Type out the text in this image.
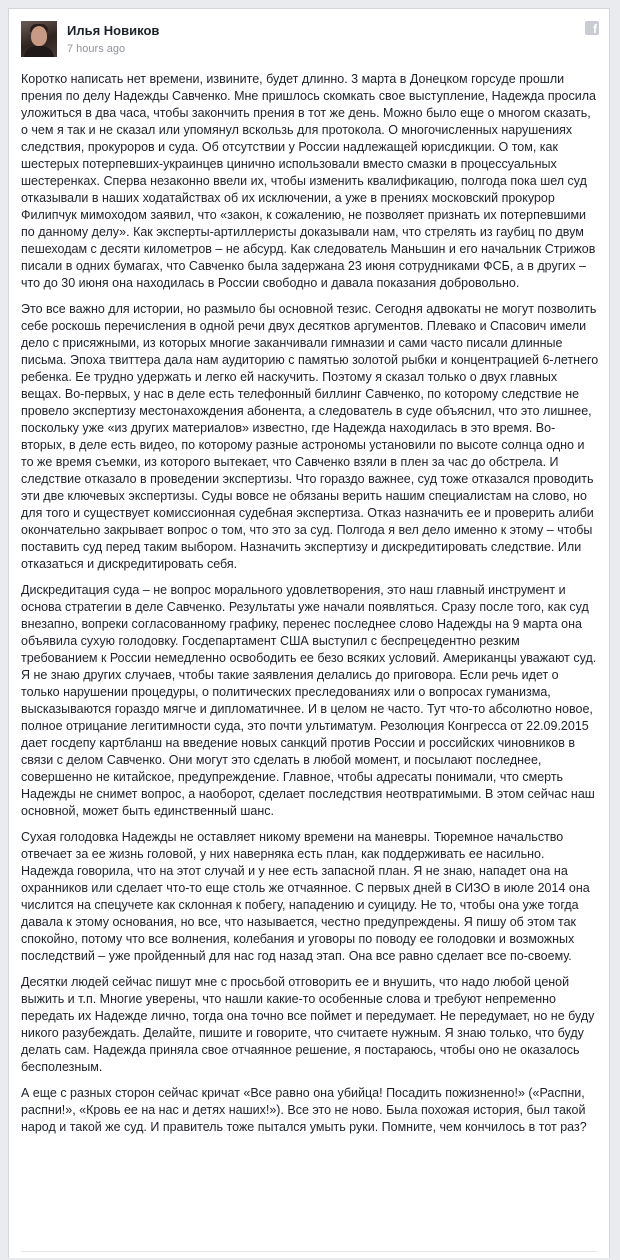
Илья Новиков
7 hours ago
f

Коротко написать нет времени, извините, будет длинно. 3 марта в Донецком горсуде прошли прения по делу Надежды Савченко. Мне пришлось скомкать свое выступление, Надежда просила уложиться в два часа, чтобы закончить прения в тот же день. Можно было еще о многом сказать, о чем я так и не сказал или упомянул вскользь для протокола. О многочисленных нарушениях следствия, прокуроров и суда. Об отсутствии у России надлежащей юрисдикции. О том, как шестерых потерпевших-украинцев цинично использовали вместо смазки в процессуальных шестеренках. Сперва незаконно ввели их, чтобы изменить квалификацию, полгода пока шел суд отказывали в наших ходатайствах об их исключении, а уже в прениях московский прокурор Филипчук мимоходом заявил, что «закон, к сожалению, не позволяет признать их потерпевшими по данному делу». Как эксперты-артиллеристы доказывали нам, что стрелять из гаубиц по двум пешеходам с десяти километров – не абсурд. Как следователь Маньшин и его начальник Стрижов писали в одних бумагах, что Савченко была задержана 23 июня сотрудниками ФСБ, а в других – что до 30 июня она находилась в России свободно и давала показания добровольно.

Это все важно для истории, но размыло бы основной тезис. Сегодня адвокаты не могут позволить себе роскошь перечисления в одной речи двух десятков аргументов. Плевако и Спасович имели дело с присяжными, из которых многие заканчивали гимназии и сами часто писали длинные письма. Эпоха твиттера дала нам аудиторию с памятью золотой рыбки и концентрацией 6-летнего ребенка. Ее трудно удержать и легко ей наскучить. Поэтому я сказал только о двух главных вещах. Во-первых, у нас в деле есть телефонный биллинг Савченко, по которому следствие не провело экспертизу местонахождения абонента, а следователь в суде объяснил, что это лишнее, поскольку уже «из других материалов» известно, где Надежда находилась в это время. Во-вторых, в деле есть видео, по которому разные астрономы установили по высоте солнца одно и то же время съемки, из которого вытекает, что Савченко взяли в плен за час до обстрела. И следствие отказало в проведении экспертизы. Что гораздо важнее, суд тоже отказался проводить эти две ключевых экспертизы. Суды вовсе не обязаны верить нашим специалистам на слово, но для того и существует комиссионная судебная экспертиза. Отказ назначить ее и проверить алиби окончательно закрывает вопрос о том, что это за суд. Полгода я вел дело именно к этому – чтобы поставить суд перед таким выбором. Назначить экспертизу и дискредитировать следствие. Или отказаться и дискредитировать себя.

Дискредитация суда – не вопрос морального удовлетворения, это наш главный инструмент и основа стратегии в деле Савченко. Результаты уже начали появляться. Сразу после того, как суд внезапно, вопреки согласованному графику, перенес последнее слово Надежды на 9 марта она объявила сухую голодовку. Госдепартамент США выступил с беспрецедентно резким требованием к России немедленно освободить ее безо всяких условий. Американцы уважают суд. Я не знаю других случаев, чтобы такие заявления делались до приговора. Если речь идет о только нарушении процедуры, о политических преследованиях или о вопросах гуманизма, высказываются гораздо мягче и дипломатичнее. И в целом не часто. Тут что-то абсолютно новое, полное отрицание легитимности суда, это почти ультиматум. Резолюция Конгресса от 22.09.2015 дает госдепу картбланш на введение новых санкций против России и российских чиновников в связи с делом Савченко. Они могут это сделать в любой момент, и посылают последнее, совершенно не китайское, предупреждение. Главное, чтобы адресаты понимали, что смерть Надежды не снимет вопрос, а наоборот, сделает последствия неотвратимыми. В этом сейчас наш основной, может быть единственный шанс.

Сухая голодовка Надежды не оставляет никому времени на маневры. Тюремное начальство отвечает за ее жизнь головой, у них наверняка есть план, как поддерживать ее насильно. Надежда говорила, что на этот случай и у нее есть запасной план. Я не знаю, нападет она на охранников или сделает что-то еще столь же отчаянное. С первых дней в СИЗО в июле 2014 она числится на спецучете как склонная к побегу, нападению и суициду. Не то, чтобы она уже тогда давала к этому основания, но все, что называется, честно предупреждены. Я пишу об этом так спокойно, потому что все волнения, колебания и уговоры по поводу ее голодовки и возможных последствий – уже пройденный для нас год назад этап. Она все равно сделает все по-своему.

Десятки людей сейчас пишут мне с просьбой отговорить ее и внушить, что надо любой ценой выжить и т.п. Многие уверены, что нашли какие-то особенные слова и требуют непременно передать их Надежде лично, тогда она точно все поймет и передумает. Не передумает, но не буду никого разубеждать. Делайте, пишите и говорите, что считаете нужным. Я знаю только, что буду делать сам. Надежда приняла свое отчаянное решение, я постараюсь, чтобы оно не оказалось бесполезным.

А еще с разных сторон сейчас кричат «Все равно она убийца! Посадить пожизненно!» («Распни, распни!», «Кровь ее на нас и детях наших!»). Все это не ново. Была похожая история, был такой народ и такой же суд. И правитель тоже пытался умыть руки. Помните, чем кончилось в тот раз?
